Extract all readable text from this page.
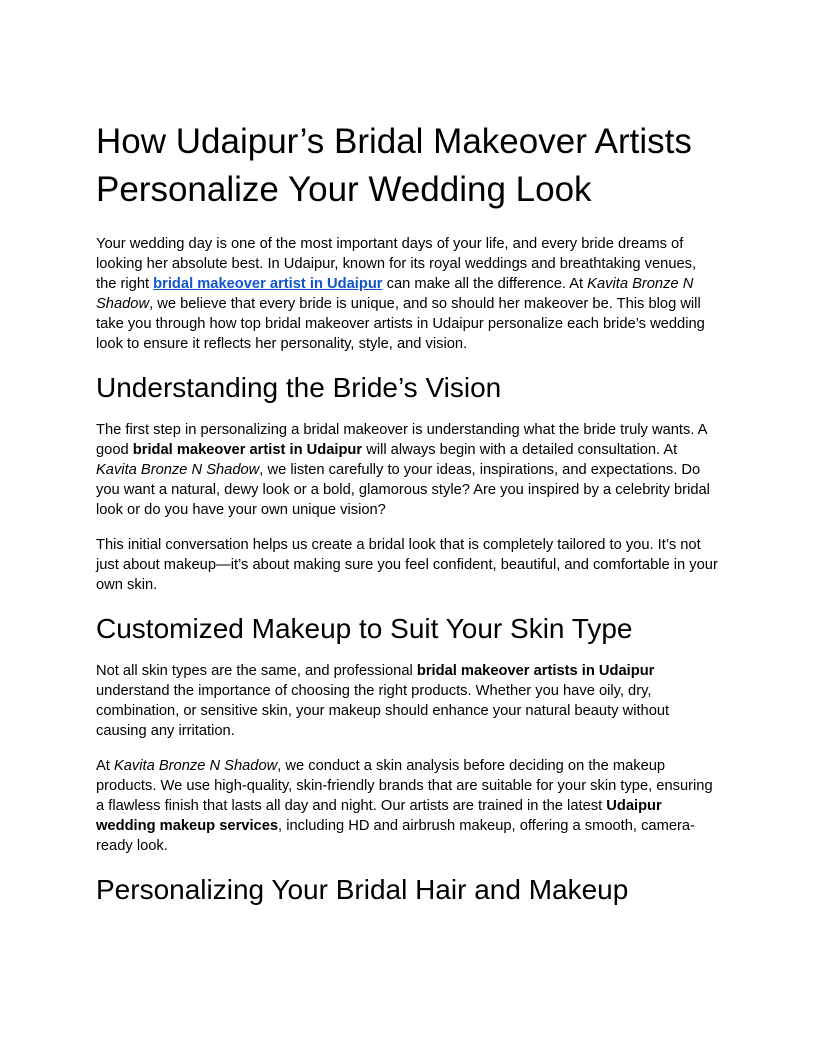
How Udaipur’s Bridal Makeover Artists Personalize Your Wedding Look

Your wedding day is one of the most important days of your life, and every bride dreams of looking her absolute best. In Udaipur, known for its royal weddings and breathtaking venues, the right bridal makeover artist in Udaipur can make all the difference. At Kavita Bronze N Shadow, we believe that every bride is unique, and so should her makeover be. This blog will take you through how top bridal makeover artists in Udaipur personalize each bride’s wedding look to ensure it reflects her personality, style, and vision.

Understanding the Bride’s Vision

The first step in personalizing a bridal makeover is understanding what the bride truly wants. A good bridal makeover artist in Udaipur will always begin with a detailed consultation. At Kavita Bronze N Shadow, we listen carefully to your ideas, inspirations, and expectations. Do you want a natural, dewy look or a bold, glamorous style? Are you inspired by a celebrity bridal look or do you have your own unique vision?

This initial conversation helps us create a bridal look that is completely tailored to you. It’s not just about makeup—it’s about making sure you feel confident, beautiful, and comfortable in your own skin.

Customized Makeup to Suit Your Skin Type

Not all skin types are the same, and professional bridal makeover artists in Udaipur understand the importance of choosing the right products. Whether you have oily, dry, combination, or sensitive skin, your makeup should enhance your natural beauty without causing any irritation.

At Kavita Bronze N Shadow, we conduct a skin analysis before deciding on the makeup products. We use high-quality, skin-friendly brands that are suitable for your skin type, ensuring a flawless finish that lasts all day and night. Our artists are trained in the latest Udaipur wedding makeup services, including HD and airbrush makeup, offering a smooth, camera-ready look.

Personalizing Your Bridal Hair and Makeup
